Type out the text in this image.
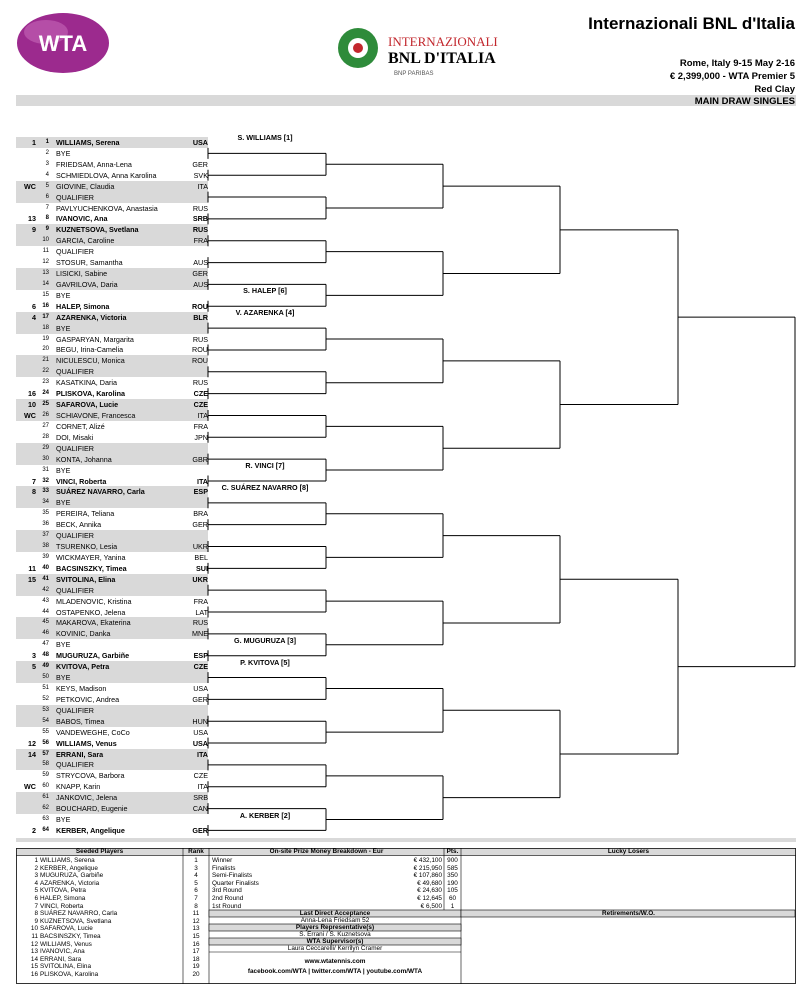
WTA	INTERNAZIONALI
BNL D'ITALIA
BNP PARIBAS
Internazionali BNL d'Italia
Rome, Italy 9-15 May 2-16
€ 2,399,000 - WTA Premier 5
Red Clay
MAIN DRAW SINGLES
1	1 WILLIAMS, Serena	USA
2 BYE
3 FRIEDSAM, Anna-Lena	GER
4 SCHMIEDLOVA, Anna Karolina	SVK
WC	5 GIOVINE, Claudia	ITA
6 QUALIFIER
7 PAVLYUCHENKOVA, Anastasia	RUS
13	8 IVANOVIC, Ana	SRB
9	9 KUZNETSOVA, Svetlana	RUS
10 GARCIA, Caroline	FRA
11 QUALIFIER
12 STOSUR, Samantha	AUS
13 LISICKI, Sabine	GER
14 GAVRILOVA, Daria	AUS
15 BYE
6	16 HALEP, Simona	ROU
4	17 AZARENKA, Victoria	BLR
18 BYE
19 GASPARYAN, Margarita	RUS
20 BEGU, Irina-Camelia	ROU
21 NICULESCU, Monica	ROU
22 QUALIFIER
23 KASATKINA, Daria	RUS
16	24 PLISKOVA, Karolina	CZE
10	25 SAFAROVA, Lucie	CZE
WC	26 SCHIAVONE, Francesca	ITA
27 CORNET, Alizé	FRA
28 DOI, Misaki	JPN
29 QUALIFIER
30 KONTA, Johanna	GBR
31 BYE
7	32 VINCI, Roberta	ITA
8	33 SUÁREZ NAVARRO, Carla	ESP
34 BYE
35 PEREIRA, Teliana	BRA
36 BECK, Annika	GER
37 QUALIFIER
38 TSURENKO, Lesia	UKR
39 WICKMAYER, Yanina	BEL
11	40 BACSINSZKY, Timea	SUI
15	41 SVITOLINA, Elina	UKR
42 QUALIFIER
43 MLADENOVIC, Kristina	FRA
44 OSTAPENKO, Jelena	LAT
45 MAKAROVA, Ekaterina	RUS
46 KOVINIC, Danka	MNE
47 BYE
3	48 MUGURUZA, Garbiñe	ESP
5	49 KVITOVA, Petra	CZE
50 BYE
51 KEYS, Madison	USA
52 PETKOVIC, Andrea	GER
53 QUALIFIER
54 BABOS, Timea	HUN
55 VANDEWEGHE, CoCo	USA
12	56 WILLIAMS, Venus	USA
14	57 ERRANI, Sara	ITA
58 QUALIFIER
59 STRYCOVA, Barbora	CZE
WC	60 KNAPP, Karin	ITA
61 JANKOVIC, Jelena	SRB
62 BOUCHARD, Eugenie	CAN
63 BYE
2	64 KERBER, Angelique	GER
S. WILLIAMS [1]
S. HALEP [6]
V. AZARENKA [4]
R. VINCI [7]
C. SUÁREZ NAVARRO [8]
G. MUGURUZA [3]
P. KVITOVA [5]
A. KERBER [2]
Seeded Players	Rank	On-site Prize Money Breakdown - Eur	Pts.	Lucky Losers
1 WILLIAMS, Serena	1
2 KERBER, Angelique	3
3 MUGURUZA, Garbiñe	4
4 AZARENKA, Victoria	5
5 KVITOVA, Petra	6
6 HALEP, Simona	7
7 VINCI, Roberta	8
8 SUÁREZ NAVARRO, Carla	11
9 KUZNETSOVA, Svetlana	12
10 SAFAROVA, Lucie	13
11 BACSINSZKY, Timea	15
12 WILLIAMS, Venus	16
13 IVANOVIC, Ana	17
14 ERRANI, Sara	18
15 SVITOLINA, Elina	19
16 PLISKOVA, Karolina	20
Winner	€ 432,100 900
Finalists	€ 215,950 585
Semi-Finalists	€ 107,860 350
Quarter Finalists	€ 49,680 190
3rd Round	€ 24,630 105
2nd Round	€ 12,645	60
1st Round	€ 6,500	1
Last Direct Acceptance
Anna-Lena Friedsam 52
Players Representative(s)
S. Errani / S. Kuznetsova
WTA Supervisor(s)
Laura Ceccarelli/ Kerrilyn Cramer
www.wtatennis.com
facebook.com/WTA | twitter.com/WTA | youtube.com/WTA
Retirements/W.O.
